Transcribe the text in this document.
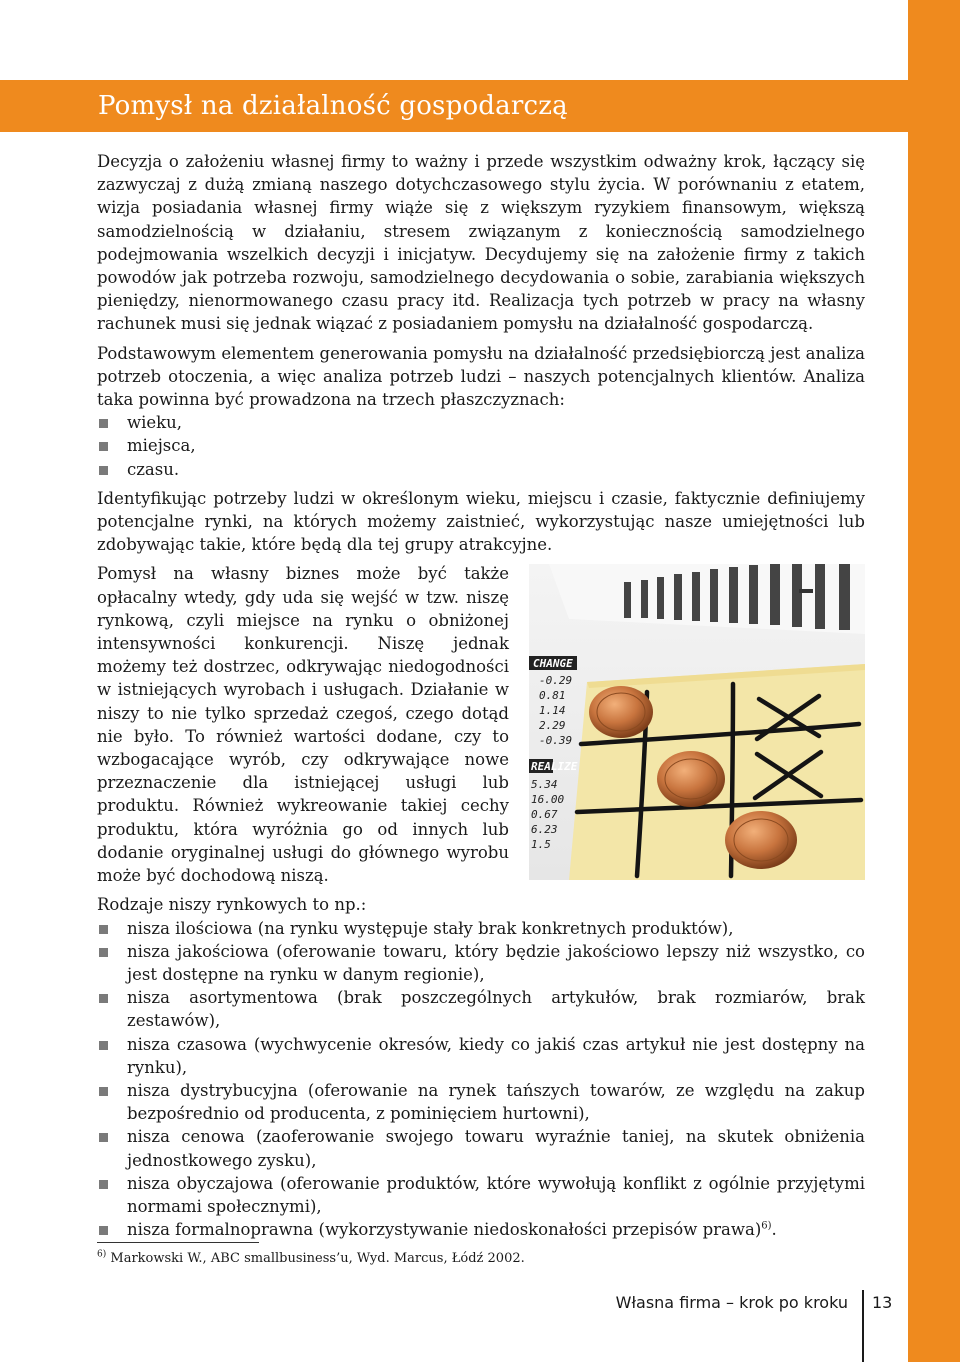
Pomysł na działalność gospodarczą

Decyzja o założeniu własnej firmy to ważny i przede wszystkim odważny krok, łączący się zazwyczaj z dużą zmianą naszego dotychczasowego stylu życia. W porównaniu z etatem, wizja posiadania własnej firmy wiąże się z większym ryzykiem finansowym, większą samodzielnością w działaniu, stresem związanym z koniecznością samodzielnego podejmowania wszelkich decyzji i inicjatyw. Decydujemy się na założenie firmy z takich powodów jak potrzeba rozwoju, samodzielnego decydowania o sobie, zarabiania większych pieniędzy, nienormowanego czasu pracy itd. Realizacja tych potrzeb w pracy na własny rachunek musi się jednak wiązać z posiadaniem pomysłu na działalność gospodarczą.

Podstawowym elementem generowania pomysłu na działalność przedsiębiorczą jest analiza potrzeb otoczenia, a więc analiza potrzeb ludzi – naszych potencjalnych klientów. Analiza taka powinna być prowadzona na trzech płaszczyznach:

wieku,
miejsca,
czasu.

Identyfikując potrzeby ludzi w określonym wieku, miejscu i czasie, faktycznie definiujemy potencjalne rynki, na których możemy zaistnieć, wykorzystując nasze umiejętności lub zdobywając takie, które będą dla tej grupy atrakcyjne.

CHANGE
-0.29
0.81
1.14
2.29
-0.39
REALIZE
5.34
16.00
0.67
6.23
1.5

Pomysł na własny biznes może być także opłacalny wtedy, gdy uda się wejść w tzw. niszę rynkową, czyli miejsce na rynku o obniżonej intensywności konkurencji. Niszę jednak możemy też dostrzec, odkrywając niedogodności w istniejących wyrobach i usługach. Działanie w niszy to nie tylko sprzedaż czegoś, czego dotąd nie było. To również wartości dodane, czy to wzbogacające wyrób, czy odkrywające nowe przeznaczenie dla istniejącej usługi lub produktu. Również wykreowanie takiej cechy produktu, która wyróżnia go od innych lub dodanie oryginalnej usługi do głównego wyrobu może być dochodową niszą.

Rodzaje niszy rynkowych to np.:

nisza ilościowa (na rynku występuje stały brak konkretnych produktów),
nisza jakościowa (oferowanie towaru, który będzie jakościowo lepszy niż wszystko, co jest dostępne na rynku w danym regionie),
nisza asortymentowa (brak poszczególnych artykułów, brak rozmiarów, brak zestawów),
nisza czasowa (wychwycenie okresów, kiedy co jakiś czas artykuł nie jest dostępny na rynku),
nisza dystrybucyjna (oferowanie na rynek tańszych towarów, ze względu na zakup bezpośrednio od producenta, z pominięciem hurtowni),
nisza cenowa (zaoferowanie swojego towaru wyraźnie taniej, na skutek obniżenia jednostkowego zysku),
nisza obyczajowa (oferowanie produktów, które wywołują konflikt z ogólnie przyjętymi normami społecznymi),
nisza formalnoprawna (wykorzystywanie niedoskonałości przepisów prawa)$^{6)}$.
$^{6)}$ Markowski W., ABC smallbusiness’u, Wyd. Marcus, Łódź 2002.
Własna firma – krok po kroku 13
